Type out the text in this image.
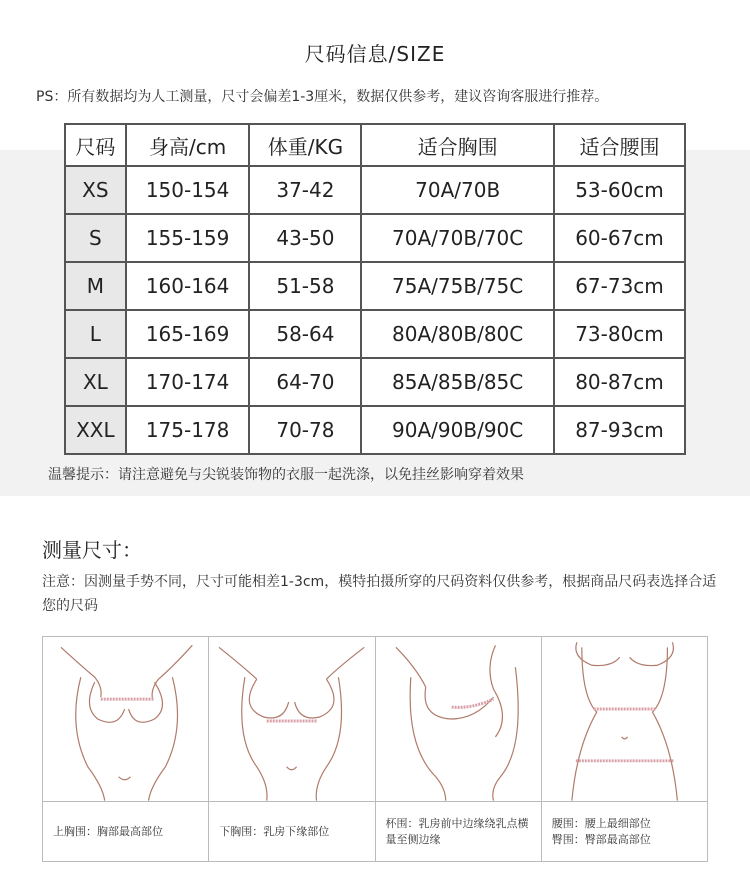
尺码信息/SIZE
PS：所有数据均为人工测量，尺寸会偏差1-3厘米，数据仅供参考，建议咨询客服进行推荐。
尺码	身高/cm	体重/KG	适合胸围	适合腰围
XS	150-154	37-42	70A/70B	53-60cm
S	155-159	43-50	70A/70B/70C	60-67cm
M	160-164	51-58	75A/75B/75C	67-73cm
L	165-169	58-64	80A/80B/80C	73-80cm
XL	170-174	64-70	85A/85B/85C	80-87cm
XXL	175-178	70-78	90A/90B/90C	87-93cm
温馨提示：请注意避免与尖锐装饰物的衣服一起洗涤，以免挂丝影响穿着效果
测量尺寸：
注意：因测量手势不同，尺寸可能相差1-3cm，模特拍摄所穿的尺码资料仅供参考，根据商品尺码表选择合适您的尺码
上胸围：胸部最高部位	下胸围：乳房下缘部位
杯围：乳房前中边缘绕乳点横量至侧边缘
腰围：腰上最细部位
臀围：臀部最高部位
